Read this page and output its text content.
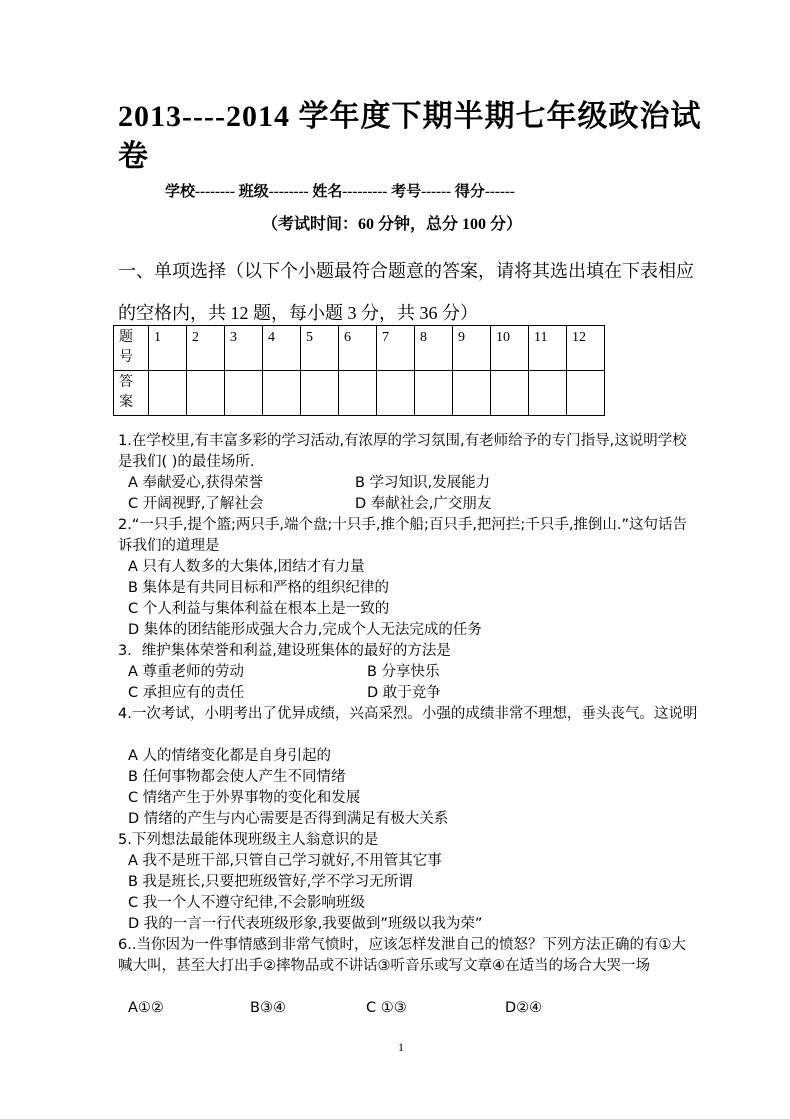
2013----2014 学年度下期半期七年级政治试卷
学校-------- 班级-------- 姓名--------- 考号------ 得分------
（考试时间：60 分钟，总分 100 分）
一、单项选择（以下个小题最符合题意的答案，请将其选出填在下表相应的空格内，共 12 题，每小题 3 分，共 36 分）
题号	1	2	3	4	5	6	7	8	9	10	11	12
答案												
1.在学校里,有丰富多彩的学习活动,有浓厚的学习氛围,有老师给予的专门指导,这说明学校是我们( )的最佳场所.
A 奉献爱心,获得荣誉	B 学习知识,发展能力
C 开阔视野,了解社会	D 奉献社会,广交朋友
2.“一只手,提个篮;两只手,端个盘;十只手,推个船;百只手,把河拦;千只手,推倒山.”这句话告诉我们的道理是
A 只有人数多的大集体,团结才有力量
B 集体是有共同目标和严格的组织纪律的
C 个人利益与集体利益在根本上是一致的
D 集体的团结能形成强大合力,完成个人无法完成的任务
3．维护集体荣誉和利益,建设班集体的最好的方法是
A 尊重老师的劳动	B 分享快乐
C 承担应有的责任	D 敢于竞争
4.一次考试，小明考出了优异成绩，兴高采烈。小强的成绩非常不理想，垂头丧气。这说明
A 人的情绪变化都是自身引起的
B 任何事物都会使人产生不同情绪
C 情绪产生于外界事物的变化和发展
D 情绪的产生与内心需要是否得到满足有极大关系
5.下列想法最能体现班级主人翁意识的是
A 我不是班干部,只管自己学习就好,不用管其它事
B 我是班长,只要把班级管好,学不学习无所谓
C 我一个人不遵守纪律,不会影响班级
D 我的一言一行代表班级形象,我要做到”班级以我为荣”
6..当你因为一件事情感到非常气愤时，应该怎样发泄自己的愤怒？下列方法正确的有①大喊大叫，甚至大打出手②摔物品或不讲话③听音乐或写文章④在适当的场合大哭一场
A①②	B③④	C ①③	D②④
1
